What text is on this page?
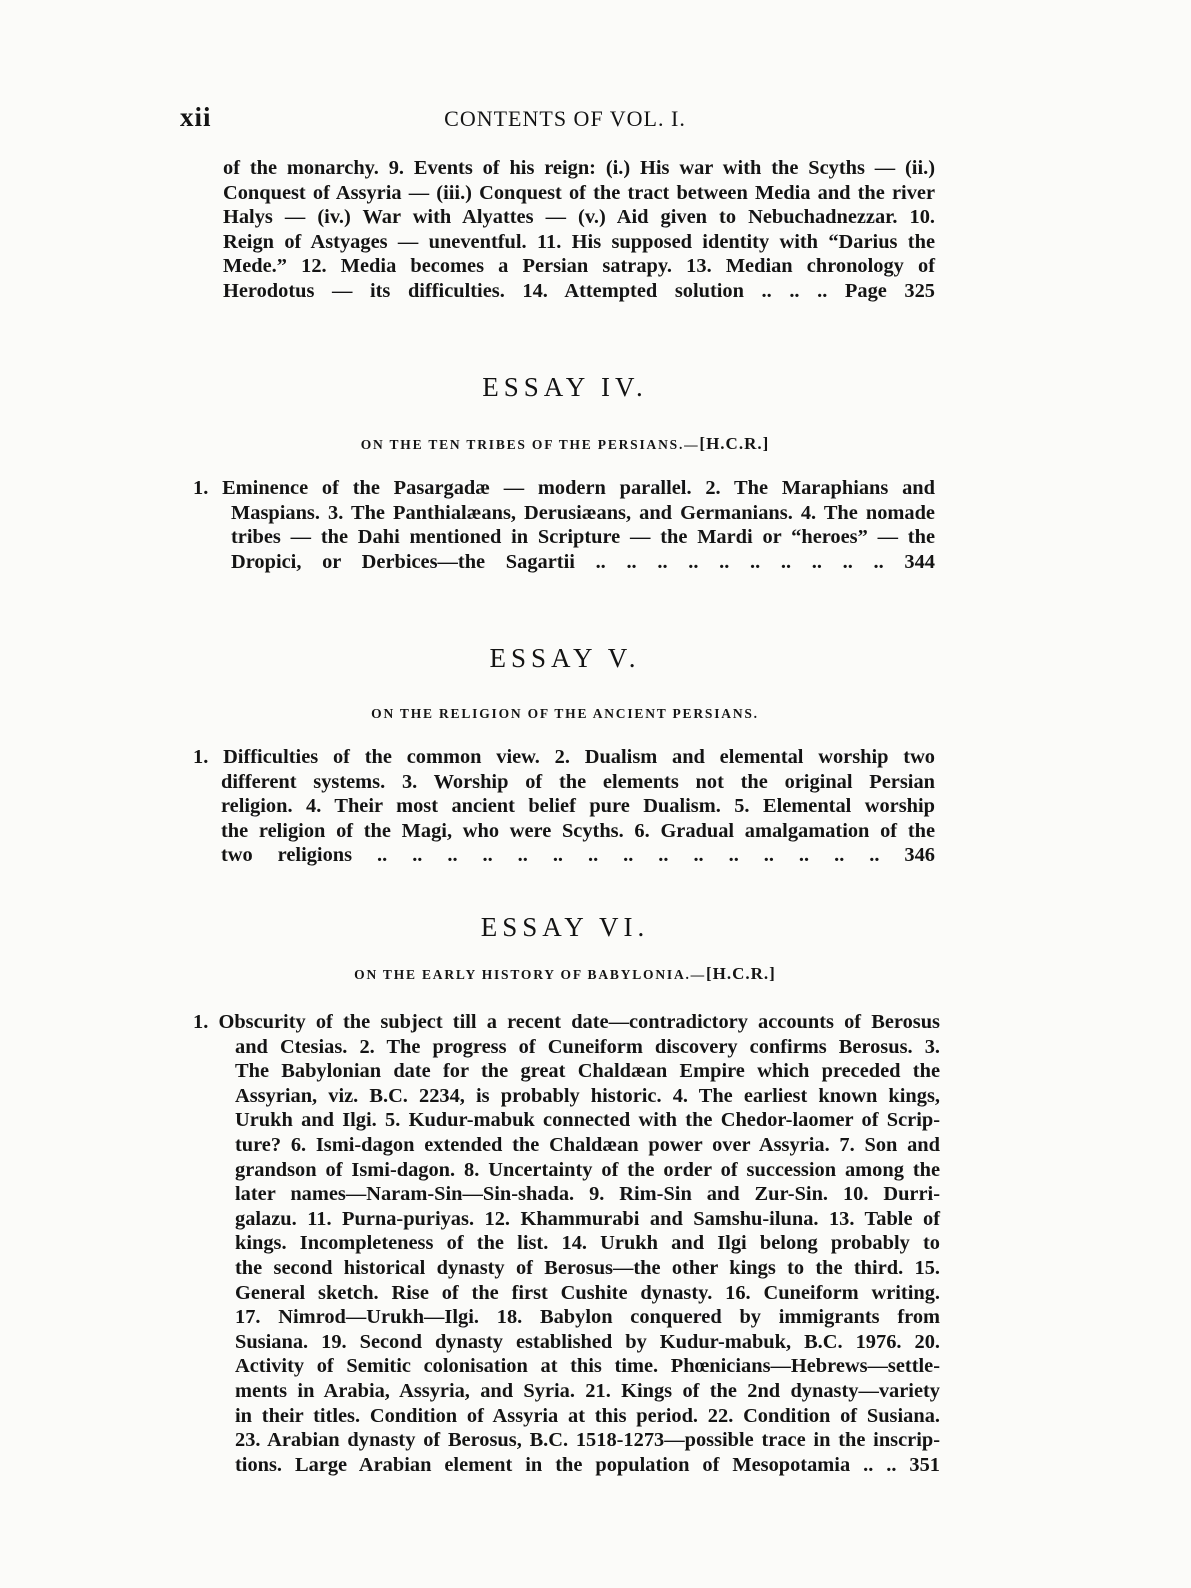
xii	CONTENTS OF VOL. I.
of the monarchy. 9. Events of his reign: (i.) His war with the Scyths — (ii.)
Conquest of Assyria — (iii.) Conquest of the tract between Media and the river
Halys — (iv.) War with Alyattes — (v.) Aid given to Nebuchadnezzar. 10.
Reign of Astyages — uneventful. 11. His supposed identity with “Darius the
Mede.” 12. Media becomes a Persian satrapy. 13. Median chronology of
Herodotus — its difficulties. 14. Attempted solution .. .. .. Page 325
ESSAY IV.
ON THE TEN TRIBES OF THE PERSIANS.—[H.C.R.]
1. Eminence of the Pasargadæ — modern parallel. 2. The Maraphians and
Maspians. 3. The Panthialæans, Derusiæans, and Germanians. 4. The nomade
tribes — the Dahi mentioned in Scripture — the Mardi or “heroes” — the
Dropici, or Derbices—the Sagartii .. .. .. .. .. .. .. .. .. .. 344
ESSAY V.
ON THE RELIGION OF THE ANCIENT PERSIANS.
1. Difficulties of the common view. 2. Dualism and elemental worship two
different systems. 3. Worship of the elements not the original Persian
religion. 4. Their most ancient belief pure Dualism. 5. Elemental worship
the religion of the Magi, who were Scyths. 6. Gradual amalgamation of the
two religions .. .. .. .. .. .. .. .. .. .. .. .. .. .. .. 346
ESSAY VI.
ON THE EARLY HISTORY OF BABYLONIA.—[H.C.R.]
1. Obscurity of the subject till a recent date—contradictory accounts of Berosus
and Ctesias. 2. The progress of Cuneiform discovery confirms Berosus. 3.
The Babylonian date for the great Chaldæan Empire which preceded the
Assyrian, viz. B.C. 2234, is probably historic. 4. The earliest known kings,
Urukh and Ilgi. 5. Kudur-mabuk connected with the Chedor-laomer of Scrip-
ture? 6. Ismi-dagon extended the Chaldæan power over Assyria. 7. Son and
grandson of Ismi-dagon. 8. Uncertainty of the order of succession among the
later names—Naram-Sin—Sin-shada. 9. Rim-Sin and Zur-Sin. 10. Durri-
galazu. 11. Purna-puriyas. 12. Khammurabi and Samshu-iluna. 13. Table of
kings. Incompleteness of the list. 14. Urukh and Ilgi belong probably to
the second historical dynasty of Berosus—the other kings to the third. 15.
General sketch. Rise of the first Cushite dynasty. 16. Cuneiform writing.
17. Nimrod—Urukh—Ilgi. 18. Babylon conquered by immigrants from
Susiana. 19. Second dynasty established by Kudur-mabuk, B.C. 1976. 20.
Activity of Semitic colonisation at this time. Phœnicians—Hebrews—settle-
ments in Arabia, Assyria, and Syria. 21. Kings of the 2nd dynasty—variety
in their titles. Condition of Assyria at this period. 22. Condition of Susiana.
23. Arabian dynasty of Berosus, B.C. 1518-1273—possible trace in the inscrip-
tions. Large Arabian element in the population of Mesopotamia .. .. 351
